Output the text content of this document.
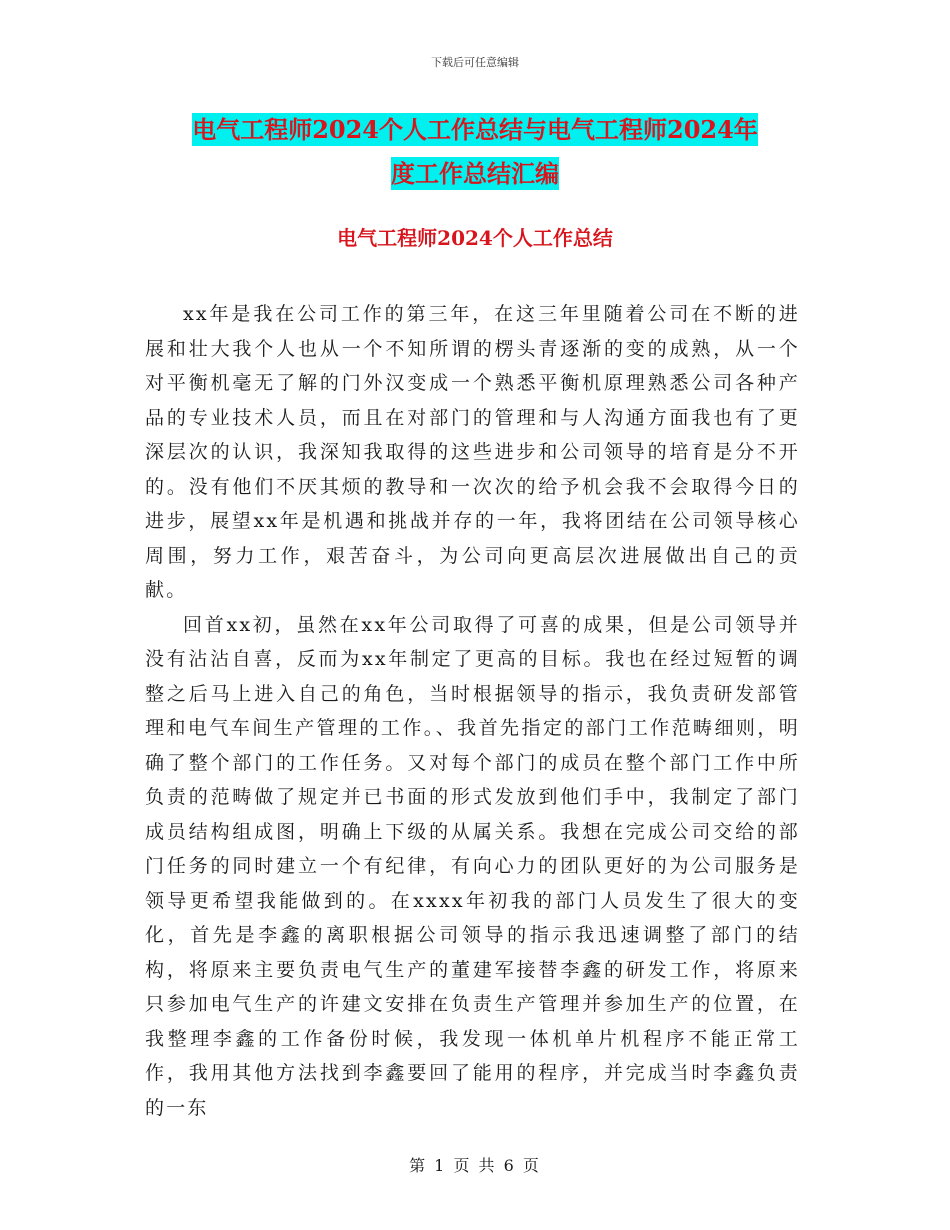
下载后可任意编辑
电气工程师2024个人工作总结与电气工程师2024年
度工作总结汇编
电气工程师2024个人工作总结

xx年是我在公司工作的第三年，在这三年里随着公司在不断的进展和壮大我个人也从一个不知所谓的楞头青逐渐的变的成熟，从一个对平衡机毫无了解的门外汉变成一个熟悉平衡机原理熟悉公司各种产品的专业技术人员，而且在对部门的管理和与人沟通方面我也有了更深层次的认识，我深知我取得的这些进步和公司领导的培育是分不开的。没有他们不厌其烦的教导和一次次的给予机会我不会取得今日的进步，展望xx年是机遇和挑战并存的一年，我将团结在公司领导核心周围，努力工作，艰苦奋斗，为公司向更高层次进展做出自己的贡献。

回首xx初，虽然在xx年公司取得了可喜的成果，但是公司领导并没有沾沾自喜，反而为xx年制定了更高的目标。我也在经过短暂的调整之后马上进入自己的角色，当时根据领导的指示，我负责研发部管理和电气车间生产管理的工作。、我首先指定的部门工作范畴细则，明确了整个部门的工作任务。又对每个部门的成员在整个部门工作中所负责的范畴做了规定并已书面的形式发放到他们手中，我制定了部门成员结构组成图，明确上下级的从属关系。我想在完成公司交给的部门任务的同时建立一个有纪律，有向心力的团队更好的为公司服务是领导更希望我能做到的。在xxxx年初我的部门人员发生了很大的变化，首先是李鑫的离职根据公司领导的指示我迅速调整了部门的结构，将原来主要负责电气生产的董建军接替李鑫的研发工作，将原来只参加电气生产的许建文安排在负责生产管理并参加生产的位置，在我整理李鑫的工作备份时候，我发现一体机单片机程序不能正常工作，我用其他方法找到李鑫要回了能用的程序，并完成当时李鑫负责的一东

第 1 页 共 6 页
